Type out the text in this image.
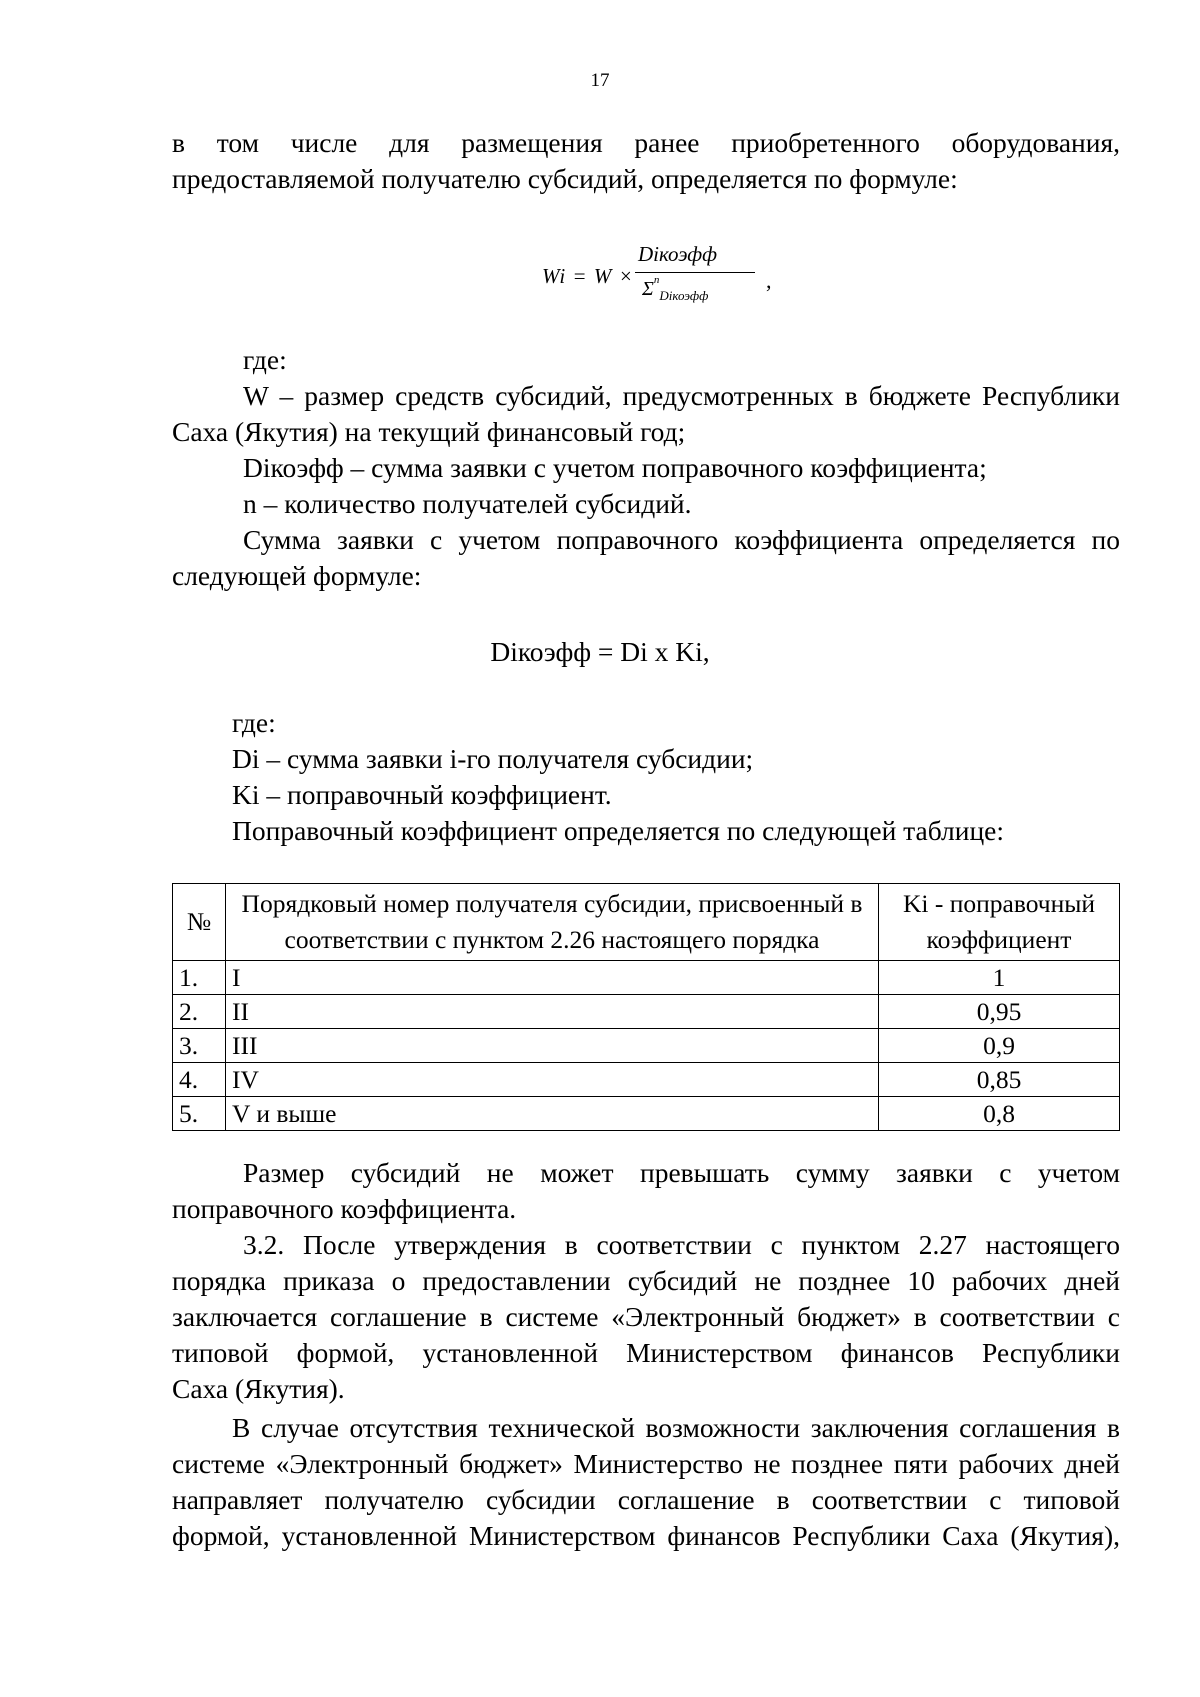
17

в том числе для размещения ранее приобретенного оборудования,

предоставляемой получателю субсидий, определяется по формуле:

Wi = W ×
Diкоэфф
$\Sigma^n_{Diкоэфф}$
,

где:

W – размер средств субсидий, предусмотренных в бюджете Республики

Саха (Якутия) на текущий финансовый год;

Diкоэфф – сумма заявки с учетом поправочного коэффициента;

n – количество получателей субсидий.

Сумма заявки с учетом поправочного коэффициента определяется по

следующей формуле:

Diкоэфф = Di x Ki,

где:

Di – сумма заявки i-го получателя субсидии;

Ki – поправочный коэффициент.

Поправочный коэффициент определяется по следующей таблице:

№	Порядковый номер получателя субсидии, присвоенный в соответствии с пунктом 2.26 настоящего порядка	Ki - поправочный коэффициент
1.	I	1
2.	II	0,95
3.	III	0,9
4.	IV	0,85
5.	V и выше	0,8

Размер субсидий не может превышать сумму заявки с учетом

поправочного коэффициента.

3.2. После утверждения в соответствии с пунктом 2.27 настоящего

порядка приказа о предоставлении субсидий не позднее 10 рабочих дней

заключается соглашение в системе «Электронный бюджет» в соответствии с

типовой формой, установленной Министерством финансов Республики

Саха (Якутия).

В случае отсутствия технической возможности заключения соглашения в

системе «Электронный бюджет» Министерство не позднее пяти рабочих дней

направляет получателю субсидии соглашение в соответствии с типовой

формой, установленной Министерством финансов Республики Саха (Якутия),
